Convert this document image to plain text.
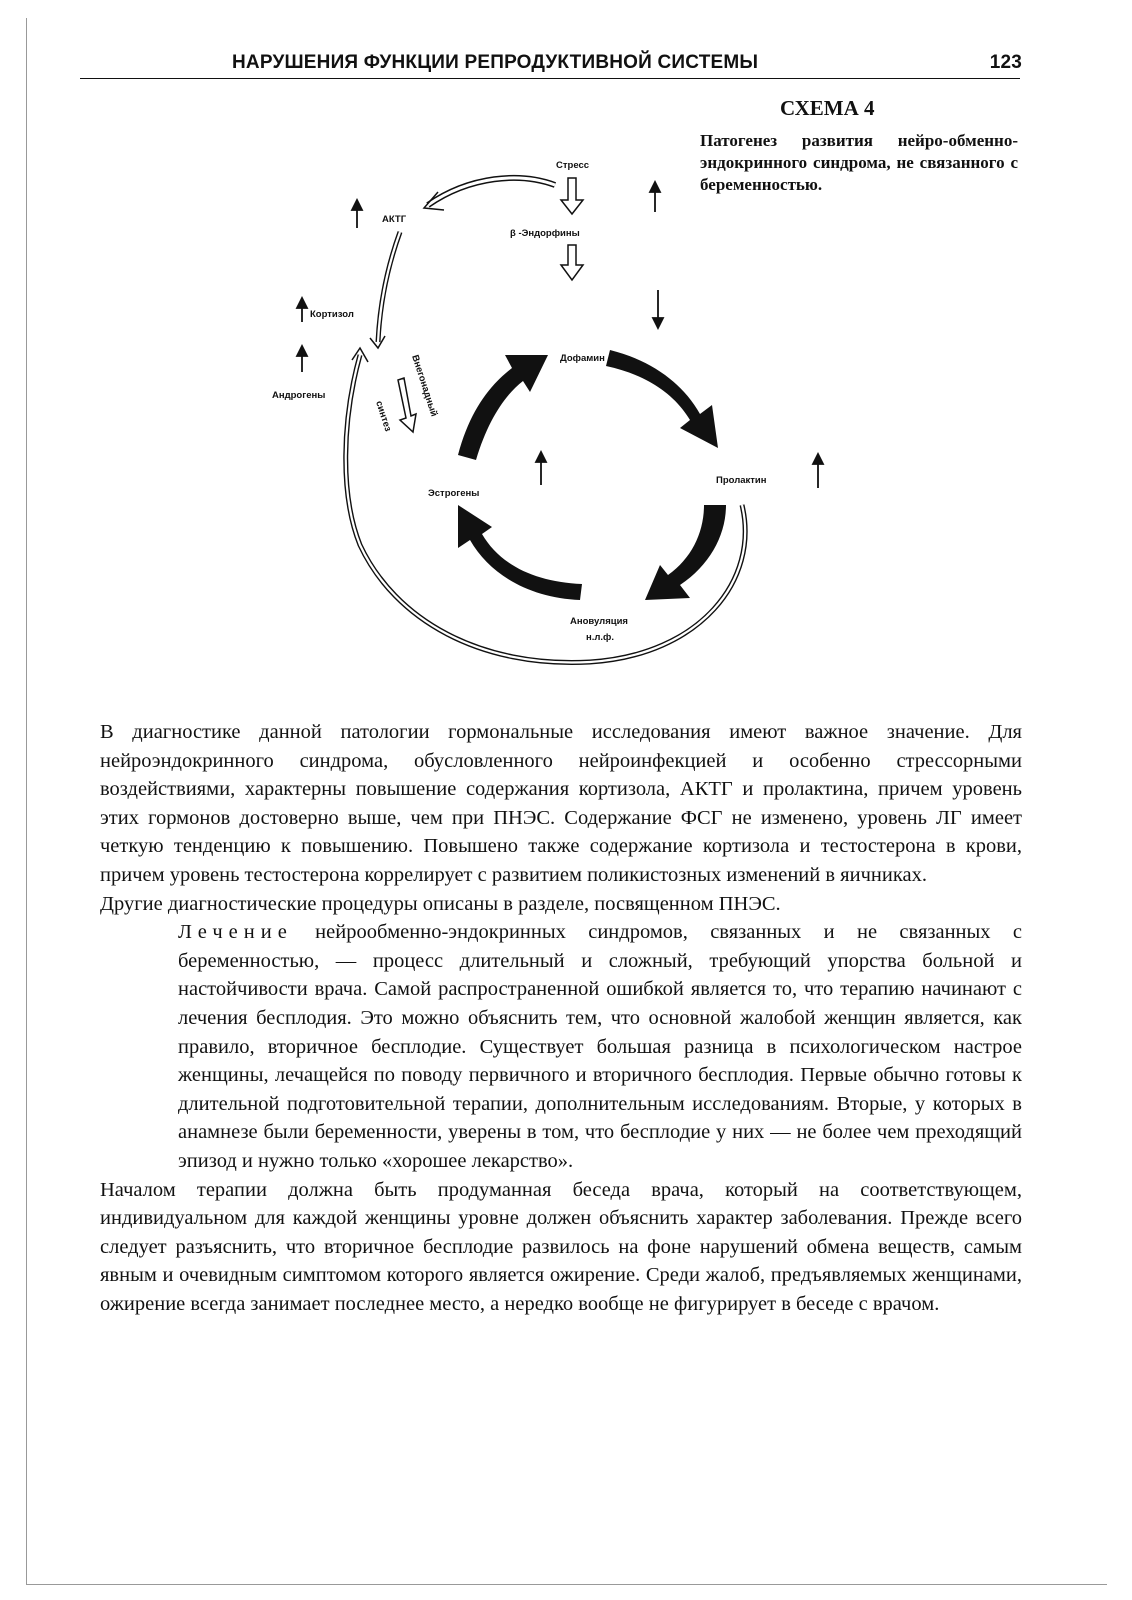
НАРУШЕНИЯ ФУНКЦИИ РЕПРОДУКТИВНОЙ СИСТЕМЫ	123
СХЕМА 4
Патогенез развития нейро-обменно-эндокринного синдрома, не связанного с беременностью.
Стресс
β -Эндорфины
АКТГ
Кортизол
Андрогены	Внегонадный
синтез
Дофамин
Пролактин
Эстрогены
Ановуляция
н.л.ф.

В диагностике данной патологии гормональные исследования имеют важное значение. Для нейроэндокринного синдрома, обусловленного нейроинфекцией и особенно стрессорными воздействиями, характерны повышение содержания кортизола, АКТГ и пролактина, причем уровень этих гормонов достоверно выше, чем при ПНЭС. Содержание ФСГ не изменено, уровень ЛГ имеет четкую тенденцию к повышению. Повышено также содержание кортизола и тестостерона в крови, причем уровень тестостерона коррелирует с развитием поликистозных изменений в яичниках.

Другие диагностические процедуры описаны в разделе, посвященном ПНЭС.

Лечение нейрообменно-эндокринных синдромов, связанных и не связанных с беременностью, — процесс длительный и сложный, требующий упорства больной и настойчивости врача. Самой распространенной ошибкой является то, что терапию начинают с лечения бесплодия. Это можно объяснить тем, что основной жалобой женщин является, как правило, вторичное бесплодие. Существует большая разница в психологическом настрое женщины, лечащейся по поводу первичного и вторичного бесплодия. Первые обычно готовы к длительной подготовительной терапии, дополнительным исследованиям. Вторые, у которых в анамнезе были беременности, уверены в том, что бесплодие у них — не более чем преходящий эпизод и нужно только «хорошее лекарство».

Началом терапии должна быть продуманная беседа врача, который на соответствующем, индивидуальном для каждой женщины уровне должен объяснить характер заболевания. Прежде всего следует разъяснить, что вторичное бесплодие развилось на фоне нарушений обмена веществ, самым явным и очевидным симптомом которого является ожирение. Среди жалоб, предъявляемых женщинами, ожирение всегда занимает последнее место, а нередко вообще не фигурирует в беседе с врачом.
